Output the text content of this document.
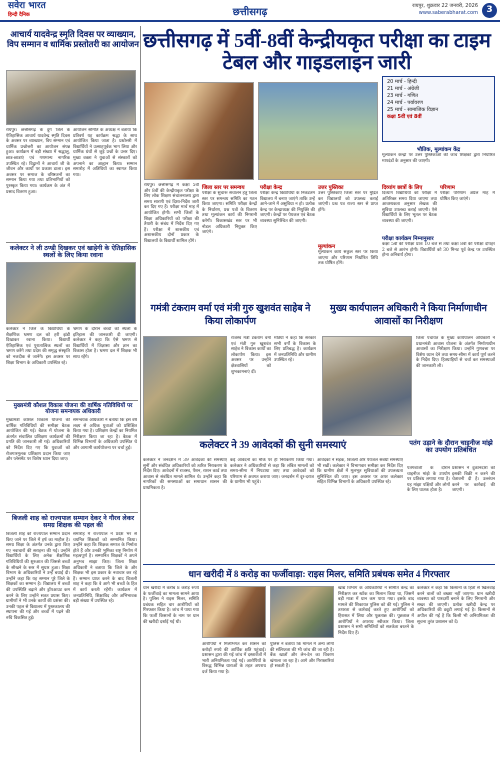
सवेरा भारत
हिन्दी दैनिक	छत्तीसगढ़
रायपुर, शुक्रवार 22 जनवरी, 2026
www.saberabharat.com 3
आचार्य यादवेन्द्र स्मृति दिवस पर व्याख्यान, विप सम्मान व धार्मिक प्रस्तोतरी का आयोजन
रायपुर। छत्तीसगढ़ के दुर्ग जिले के ऐतिहासिक आचार्य यादवेन्द्र स्मृति दिवस के अवसर पर व्याख्यान, विप सम्मान एवं धार्मिक प्रश्नोत्तरी का आयोजन संपन्न हुआ। कार्यक्रम में बड़ी संख्या में श्रद्धालु, छात्र-छात्राएं एवं गणमान्य नागरिक उपस्थित रहे। विद्वानों ने आचार्य जी के जीवन और कार्यों पर प्रकाश डाला। इस अवसर पर समाज के वरिष्ठजनों का सम्मान किया गया तथा प्रतिभागियों को पुरस्कृत किया गया। कार्यक्रम के अंत में प्रसाद वितरण हुआ।
आयोजन समिति के अध्यक्ष ने बताया कि प्रतिवर्ष यह कार्यक्रम श्रद्धा के साथ आयोजित किया जाता है। प्रश्नोत्तरी में विद्यार्थियों ने उत्साहपूर्वक भाग लिया और धार्मिक ग्रंथों से जुड़े प्रश्नों के उत्तर दिए। मुख्य वक्ता ने युवाओं से संस्कारों को अपनाने का आह्वान किया। सम्मान समारोह में अतिथियों का स्वागत किया गया।
कलेक्टर ने ली ठण्डी दिखकर एवं खाहेगी के ऐतिहासिक स्थलों के लिए किया रवाना
कलेक्टर ने जिले के विद्यार्थियों के शैक्षणिक भ्रमण दल को हरी झंडी दिखाकर रवाना किया। विद्यार्थी ऐतिहासिक एवं पुरातात्विक स्थलों का भ्रमण करेंगे तथा प्रदेश की समृद्ध संस्कृति को नजदीक से जानेंगे। इस अवसर पर शिक्षा विभाग के अधिकारी उपस्थित रहे।
भ्रमण के दौरान बच्चों को स्थलों के इतिहास की जानकारी दी जाएगी। कलेक्टर ने कहा कि ऐसे भ्रमण से विद्यार्थियों में जिज्ञासा और ज्ञान का विकास होता है। भ्रमण दल में शिक्षक भी साथ रहेंगे।
मुख्यमंत्री कौशल विकास योजना की वार्षिक गतिविधियों पर योजना समन्वयक अधिकारी
मुख्यमंत्री कौशल विकास योजना की वार्षिक गतिविधियों की समीक्षा बैठक आयोजित की गई। बैठक में योजना के अंतर्गत संचालित प्रशिक्षण कार्यक्रमों की प्रगति की जानकारी ली गई। अधिकारियों को निर्देश दिए गए कि युवाओं को रोजगारमूलक प्रशिक्षण प्रदान किया जाए और प्लेसमेंट पर विशेष ध्यान दिया जाए।
समन्वयक अधिकारी ने बताया कि इस वर्ष लक्ष्य से अधिक युवाओं को प्रशिक्षित किया गया है। प्रशिक्षण केन्द्रों का नियमित निरीक्षण किया जा रहा है। बैठक में विभिन्न विभागों के अधिकारी उपस्थित थे और आगामी कार्ययोजना पर चर्चा हुई।
बिजली शाह को राज्यपाल सम्मान देकर ने गौरव लेकर समग्र शिक्षक की पहल की
बिजली शाह को राज्यपाल सम्मान प्रदान किए जाने पर जिले में हर्ष का माहौल है। समग्र शिक्षा के अंतर्गत उनके द्वारा किए गए नवाचारों की सराहना की गई। उन्होंने विद्यार्थियों के लिए अनेक शैक्षणिक गतिविधियों की शुरुआत की जिससे बच्चों के सीखने के स्तर में सुधार हुआ। शिक्षा विभाग के अधिकारियों ने उन्हें बधाई दी। उन्होंने कहा कि यह सम्मान पूरे जिले के शिक्षकों का सम्मान है। विद्यालय में बच्चों की उपस्थिति बढ़ाने और ड्रॉपआउट कम करने के लिए उन्होंने सतत प्रयास किए। ग्रामीणों ने भी उनके कार्यों की प्रशंसा की। उनकी पहल से विद्यालय में पुस्तकालय की स्थापना की गई और बच्चों में पढ़ने की रुचि विकसित हुई।
समारोह में राज्यपाल ने प्रदेश भर से चयनित शिक्षकों को सम्मानित किया। उन्होंने कहा कि शिक्षक समाज के निर्माता होते हैं और उनकी भूमिका राष्ट्र निर्माण में महत्वपूर्ण है। सम्मानित शिक्षकों ने अपने अनुभव साझा किए। जिला शिक्षा अधिकारी ने बताया कि जिले के और शिक्षक भी इस प्रकार के नवाचार कर रहे हैं। सम्मान प्राप्त करने के बाद बिजली शाह ने कहा कि वे आगे भी बच्चों के हित में कार्य करती रहेंगी। कार्यक्रम में जनप्रतिनिधि, शिक्षाविद और अभिभावक बड़ी संख्या में उपस्थित रहे।
छत्तीसगढ़ में 5वीं-8वीं केन्द्रीयकृत परीक्षा का टाइम टेबल और गाइडलाइन जारी
रायपुर। छत्तीसगढ़ में कक्षा 5वीं और 8वीं की केन्द्रीयकृत परीक्षा के लिए लोक शिक्षण संचालनालय द्वारा समय सारणी एवं दिशा-निर्देश जारी कर दिए गए हैं। परीक्षा मार्च माह में आयोजित होगी। सभी जिलों के शिक्षा अधिकारियों को परीक्षा की तैयारी के संबंध में निर्देश दिए गए हैं। परीक्षा में शासकीय एवं अशासकीय दोनों प्रकार के विद्यालयों के विद्यार्थी शामिल होंगे।
जिला स्तर पर समन्वय
परीक्षा के सुचारू संचालन हेतु जिला स्तर पर समन्वय समिति का गठन किया जाएगा। समिति परीक्षा केन्द्रों के निर्धारण, प्रश्न पत्रों के वितरण तथा मूल्यांकन कार्य की निगरानी करेगी। विकासखंड स्तर पर भी नोडल अधिकारी नियुक्त किए जाएंगे।
परीक्षा केन्द्र
परीक्षा केन्द्र विद्यार्थियों के निकटतम विद्यालय में बनाए जाएंगे ताकि उन्हें आने-जाने में असुविधा न हो। प्रत्येक केन्द्र पर केन्द्राध्यक्ष की नियुक्ति की जाएगी। केन्द्रों पर पेयजल एवं बैठक व्यवस्था सुनिश्चित की जाएगी।
उत्तर पुस्तिका
उत्तर पुस्तिकाएं जिला स्तर पर मुद्रित कर विद्यालयों को उपलब्ध कराई जाएंगी। प्रश्न पत्र राज्य स्तर से प्राप्त होंगे।
मूल्यांकन
मूल्यांकन कार्य संकुल स्तर पर किया जाएगा और परिणाम निर्धारित तिथि तक घोषित होंगे।
दिव्यांग छात्रों के लिए
दिव्यांग विद्यार्थियों को परीक्षा में अतिरिक्त समय दिया जाएगा तथा आवश्यकता अनुसार लेखक की सुविधा उपलब्ध कराई जाएगी। ऐसे विद्यार्थियों के लिए भूतल पर बैठक व्यवस्था की जाएगी।
परिणाम
परीक्षा परिणाम अप्रैल माह में घोषित किए जाएंगे।
20 मार्च - हिन्दी
21 मार्च - अंग्रेजी
23 मार्च - गणित
24 मार्च - पर्यावरण
25 मार्च - सामाजिक विज्ञान
कक्षा 5वीं एवं 8वीं
भौतिक, मूल्यांकन केंद्र
मूल्यांकन केन्द्रों पर उत्तर पुस्तिकाओं की जांच शिक्षकों द्वारा निर्धारित मापदंडों के अनुसार की जाएगी।
परीक्षा कार्यक्रम निम्नानुसार
कक्षा 5वीं की परीक्षा प्रातः 10 बजे से तथा कक्षा 8वीं की परीक्षा दोपहर 2 बजे से आरंभ होगी। विद्यार्थियों को 30 मिनट पूर्व केन्द्र पर उपस्थित होना अनिवार्य होगा।
गमंत्री टंकराम वर्मा एवं मंत्री गुरु खुशवंत साहेब ने किया लोकार्पण
मुख्य कार्यपालन अधिकारी ने किया निर्माणाधीन आवासों का निरीक्षण
राजस्व मंत्री टंकराम वर्मा एवं मंत्री गुरु खुशवंत साहेब ने विकास कार्यों का लोकार्पण किया। इस अवसर पर उन्होंने क्षेत्रवासियों को शुभकामनाएं दीं।
मंत्रियों ने कहा कि सरकार सभी वर्गों के विकास के लिए प्रतिबद्ध है। कार्यक्रम में जनप्रतिनिधि और ग्रामीण उपस्थित रहे।
जिला पंचायत के मुख्य कार्यपालन अधिकारी ने प्रधानमंत्री आवास योजना के अंतर्गत निर्माणाधीन आवासों का निरीक्षण किया। उन्होंने गुणवत्ता पर विशेष ध्यान देने तथा समय-सीमा में कार्य पूर्ण करने के निर्देश दिए। हितग्राहियों से चर्चा कर समस्याओं की जानकारी ली।
कलेक्टर ने 39 आवेदकों की सुनी समस्याएं
कलेक्टर ने जनदर्शन में 39 आवेदकों की समस्याएं सुनीं और संबंधित अधिकारियों को त्वरित निराकरण के निर्देश दिए। आवेदनों में राजस्व, पेंशन, राशन कार्ड तथा आवास से संबंधित मामले शामिल थे। उन्होंने कहा कि नागरिकों की समस्याओं का समाधान शासन की प्राथमिकता है।
कई आवेदनों का मौके पर ही निराकरण किया गया। कलेक्टर ने अधिकारियों से कहा कि लंबित मामलों को समय-सीमा में निपटाया जाए तथा आवेदकों को परिणाम से अवगत कराया जाए। जनदर्शन में दूर-दराज के ग्रामीण भी पहुंचे।
आवेदकों ने सड़क, बिजली और पेयजल संबंधी समस्याएं भी रखीं। कलेक्टर ने विभागवार समीक्षा कर निर्देश दिए कि ग्रामीण क्षेत्रों में मूलभूत सुविधाओं की उपलब्धता सुनिश्चित की जाए। इस अवसर पर अपर कलेक्टर सहित विभिन्न विभागों के अधिकारी उपस्थित रहे।
पतंग उड़ाने के दौरान चाइनीज मांझे का उपयोग प्रतिबंधित
पतंगबाजी के दौरान चाइनीज मांझे के उपयोग पर प्रतिबंध लगाया गया है। यह मांझा पक्षियों और लोगों के लिए घातक होता है।
प्रशासन ने दुकानदारों को इसकी बिक्री न करने की चेतावनी दी है। उल्लंघन करने पर कार्रवाई की जाएगी।
धान खरीदी में 8 करोड़ का फर्जीवाड़ा: राइस मिलर, समिति प्रबंधक समेत 4 गिरफ्तार
धान खरीदी में करीब 8 करोड़ रुपये के फर्जीवाड़े का मामला सामने आया है। पुलिस ने राइस मिलर, समिति प्रबंधक सहित चार आरोपियों को गिरफ्तार किया है। जांच में पाया गया कि फर्जी किसानों के नाम पर धान की खरीदी दर्शाई गई थी।
आरोपियों ने मिलीभगत कर शासन को करोड़ों रुपये की आर्थिक क्षति पहुंचाई। प्रशासन द्वारा की गई जांच में दस्तावेजों में भारी अनियमितता पाई गई। आरोपियों के विरुद्ध विभिन्न धाराओं के तहत अपराध दर्ज किया गया है।
पुलिस ने बताया कि मामले में अन्य लोगों की संलिप्तता की भी जांच की जा रही है। बैंक खातों और लेन-देन का विवरण खंगाला जा रहा है। आगे और गिरफ्तारियां हो सकती हैं।
खाद्य विभाग के अधिकारियों ने समिति केन्द्र का निरीक्षण कर स्टॉक का मिलान किया था, जिसमें बड़ी मात्रा में धान कम पाया गया। इसके बाद मामले की शिकायत पुलिस को की गई। पुलिस ने तत्परता से कार्रवाई करते हुए आरोपियों को हिरासत में लिया और पूछताछ की। पूछताछ में आरोपियों ने अपराध स्वीकार किया। जिला प्रशासन ने सभी समितियों को सतर्कता बरतने के निर्देश दिए हैं।
कलेक्टर ने कहा कि किसानों के हितों से खिलवाड़ करने वालों को बख्शा नहीं जाएगा। धान खरीदी व्यवस्था को पारदर्शी बनाने के लिए निगरानी और सख्त की जाएगी। प्रत्येक खरीदी केन्द्र पर अधिकारियों की ड्यूटी लगाई गई है। किसानों से अपील की गई है कि किसी भी अनियमितता की सूचना तुरंत प्रशासन को दें।
